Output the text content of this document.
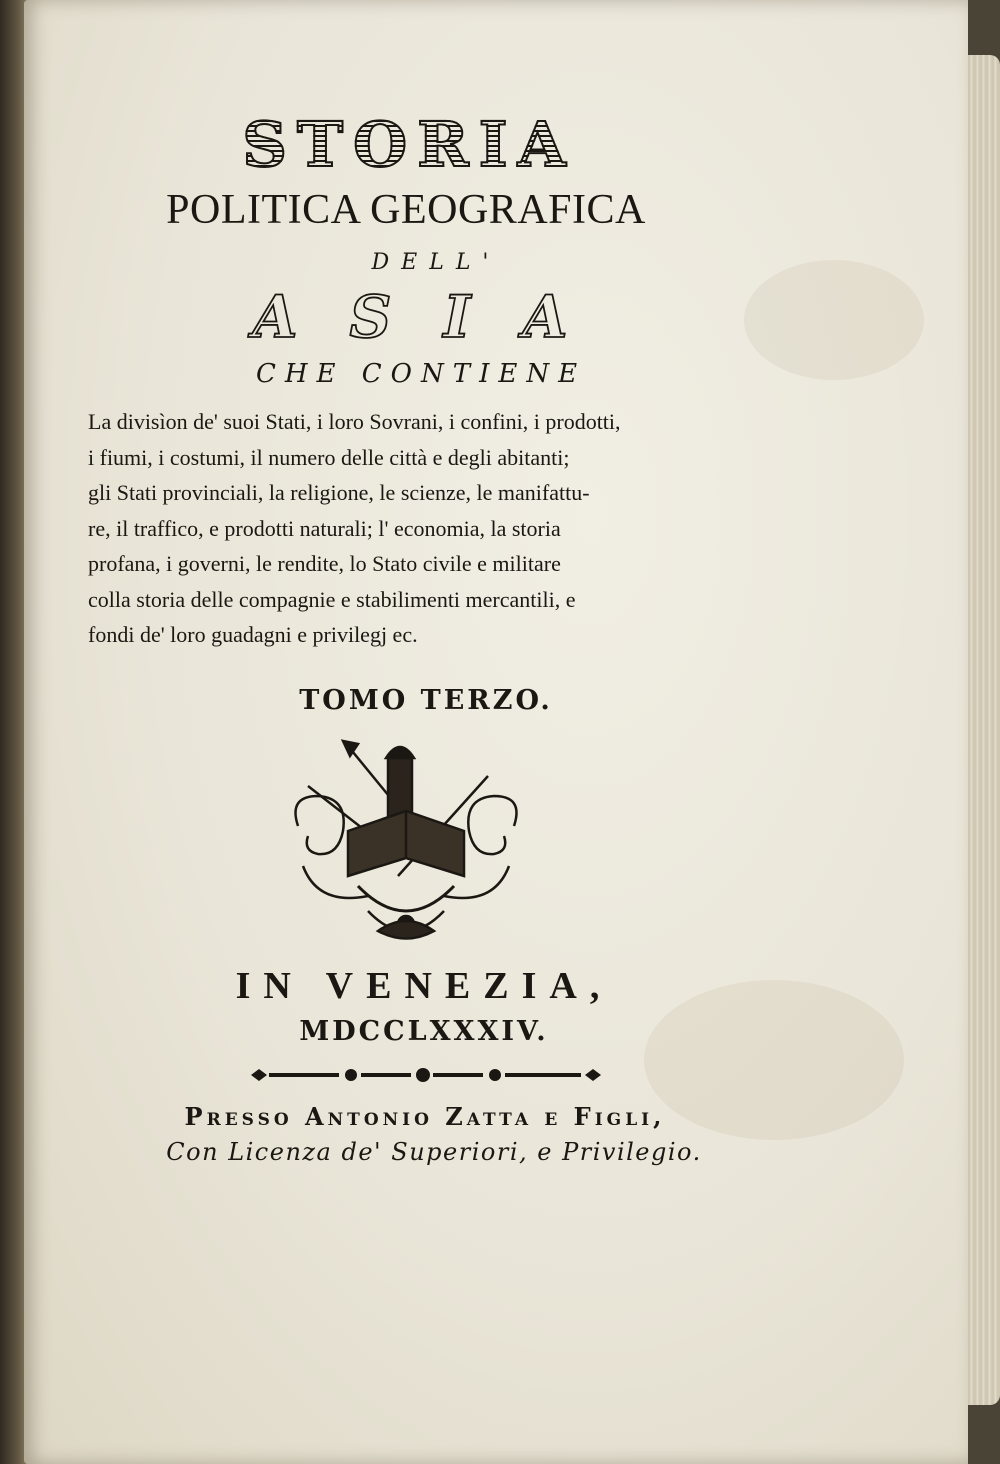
STORIA
POLITICA GEOGRAFICA
DELL'
ASIA
CHE CONTIENE
La divisìon de' suoi Stati, i loro Sovrani, i confini, i prodotti,
i fiumi, i costumi, il numero delle città e degli abitanti;
gli Stati provinciali, la religione, le scienze, le manifattu-
re, il traffico, e prodotti naturali; l' economia, la storia
profana, i governi, le rendite, lo Stato civile e militare
colla storia delle compagnie e stabilimenti mercantili, e
fondi de' loro guadagni e privilegj ec.
TOMO TERZO.
IN VENEZIA,
MDCCLXXXIV.
Presso Antonio Zatta e Figli,
Con Licenza de' Superiori, e Privilegio.
